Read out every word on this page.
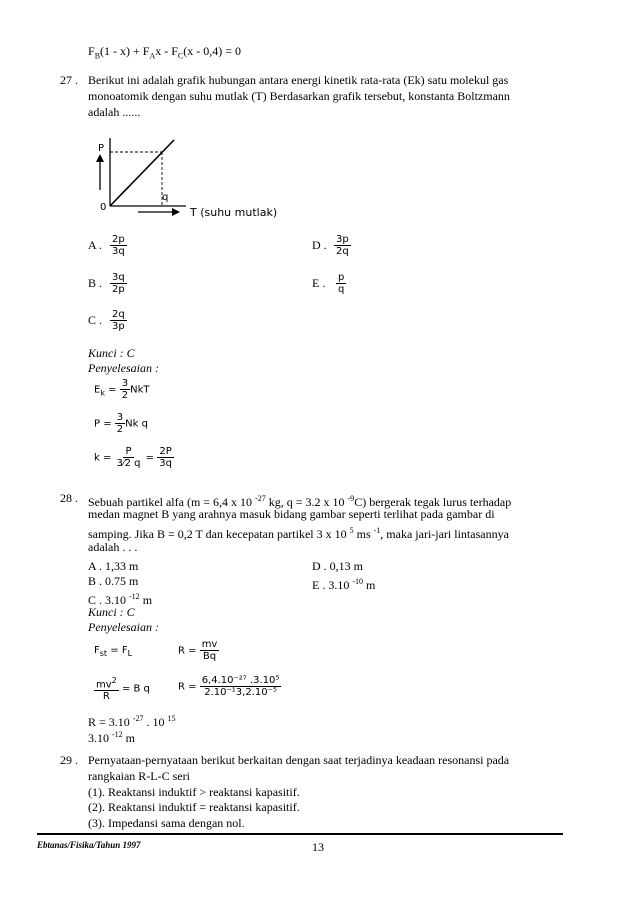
$F_B(1 - x) + F_Ax - F_C(x - 0,4) = 0$
27 . Berikut ini adalah grafik hubungan antara energi kinetik rata-rata (Ek) satu molekul gas
monoatomik dengan suhu mutlak (T) Berdasarkan grafik tersebut, konstanta Boltzmann
adalah ......
P
0
q
T (suhu mutlak)
A . $\frac{2p}{3q}$	D . $\frac{3p}{2q}$
B . $\frac{3q}{2p}$	E . $\frac{p}{q}$
C . $\frac{2q}{3p}$
Kunci : C
Penyelesaian :
$E_k = \frac{3}{2}$ NkT
$P = \frac{3}{2}$ Nk q
$k = \frac{P}{3⁄2 q} = \frac{2P}{3q}$
28 . Sebuah partikel alfa (m = 6,4 x 10 $^{-27}$ kg, q = 3.2 x 10 $^{-9}$C) bergerak tegak lurus terhadap
medan magnet B yang arahnya masuk bidang gambar seperti terlihat pada gambar di
samping. Jika B = 0,2 T dan kecepatan partikel 3 x 10 $^5$ ms $^{-1}$, maka jari-jari lintasannya
adalah . . .
A . 1,33 m	D . 0,13 m
B . 0.75 m	E . 3.10 $^{-10}$ m
C . 3.10 $^{-12}$ m
Kunci : C
Penyelesaian :
$F_{st} = F_L$	$R = \frac{mv}{Bq}$
$\frac{mv^2}{R} = B$ q	$R = \frac{\text{6,4.10⁻²⁷ .3.10⁵}}{\text{2.10⁻¹3,2.10⁻⁵}}$
R = 3.10 $^{-27}$ . 10 $^{15}$
3.10 $^{-12}$ m
29 . Pernyataan-pernyataan berikut berkaitan dengan saat terjadinya keadaan resonansi pada
rangkaian R-L-C seri
(1). Reaktansi induktif > reaktansi kapasitif.
(2). Reaktansi induktif = reaktansi kapasitif.
(3). Impedansi sama dengan nol.
Ebtanas/Fisika/Tahun 1997	13
